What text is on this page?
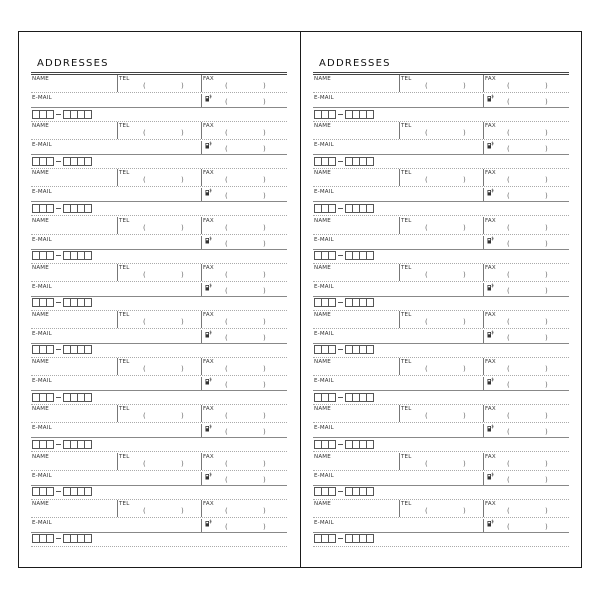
ADDRESSES
NAME	TEL	FAX
E-MAIL
(	)	(	)
(	)
NAME	TEL	FAX
E-MAIL
(	)	(	)
(	)
NAME	TEL	FAX
E-MAIL
(	)	(	)
(	)
NAME	TEL	FAX
E-MAIL
(	)	(	)
(	)
NAME	TEL	FAX
E-MAIL
(	)	(	)
(	)
NAME	TEL	FAX
E-MAIL
(	)	(	)
(	)
NAME	TEL	FAX
E-MAIL
(	)	(	)
(	)
NAME	TEL	FAX
E-MAIL
(	)	(	)
(	)
NAME	TEL	FAX
E-MAIL
(	)	(	)
(	)
NAME	TEL	FAX
E-MAIL
(	)	(	)
(	)
ADDRESSES
NAME	TEL	FAX
E-MAIL
(	)	(	)
(	)
NAME	TEL	FAX
E-MAIL
(	)	(	)
(	)
NAME	TEL	FAX
E-MAIL
(	)	(	)
(	)
NAME	TEL	FAX
E-MAIL
(	)	(	)
(	)
NAME	TEL	FAX
E-MAIL
(	)	(	)
(	)
NAME	TEL	FAX
E-MAIL
(	)	(	)
(	)
NAME	TEL	FAX
E-MAIL
(	)	(	)
(	)
NAME	TEL	FAX
E-MAIL
(	)	(	)
(	)
NAME	TEL	FAX
E-MAIL
(	)	(	)
(	)
NAME	TEL	FAX
E-MAIL
(	)	(	)
(	)
